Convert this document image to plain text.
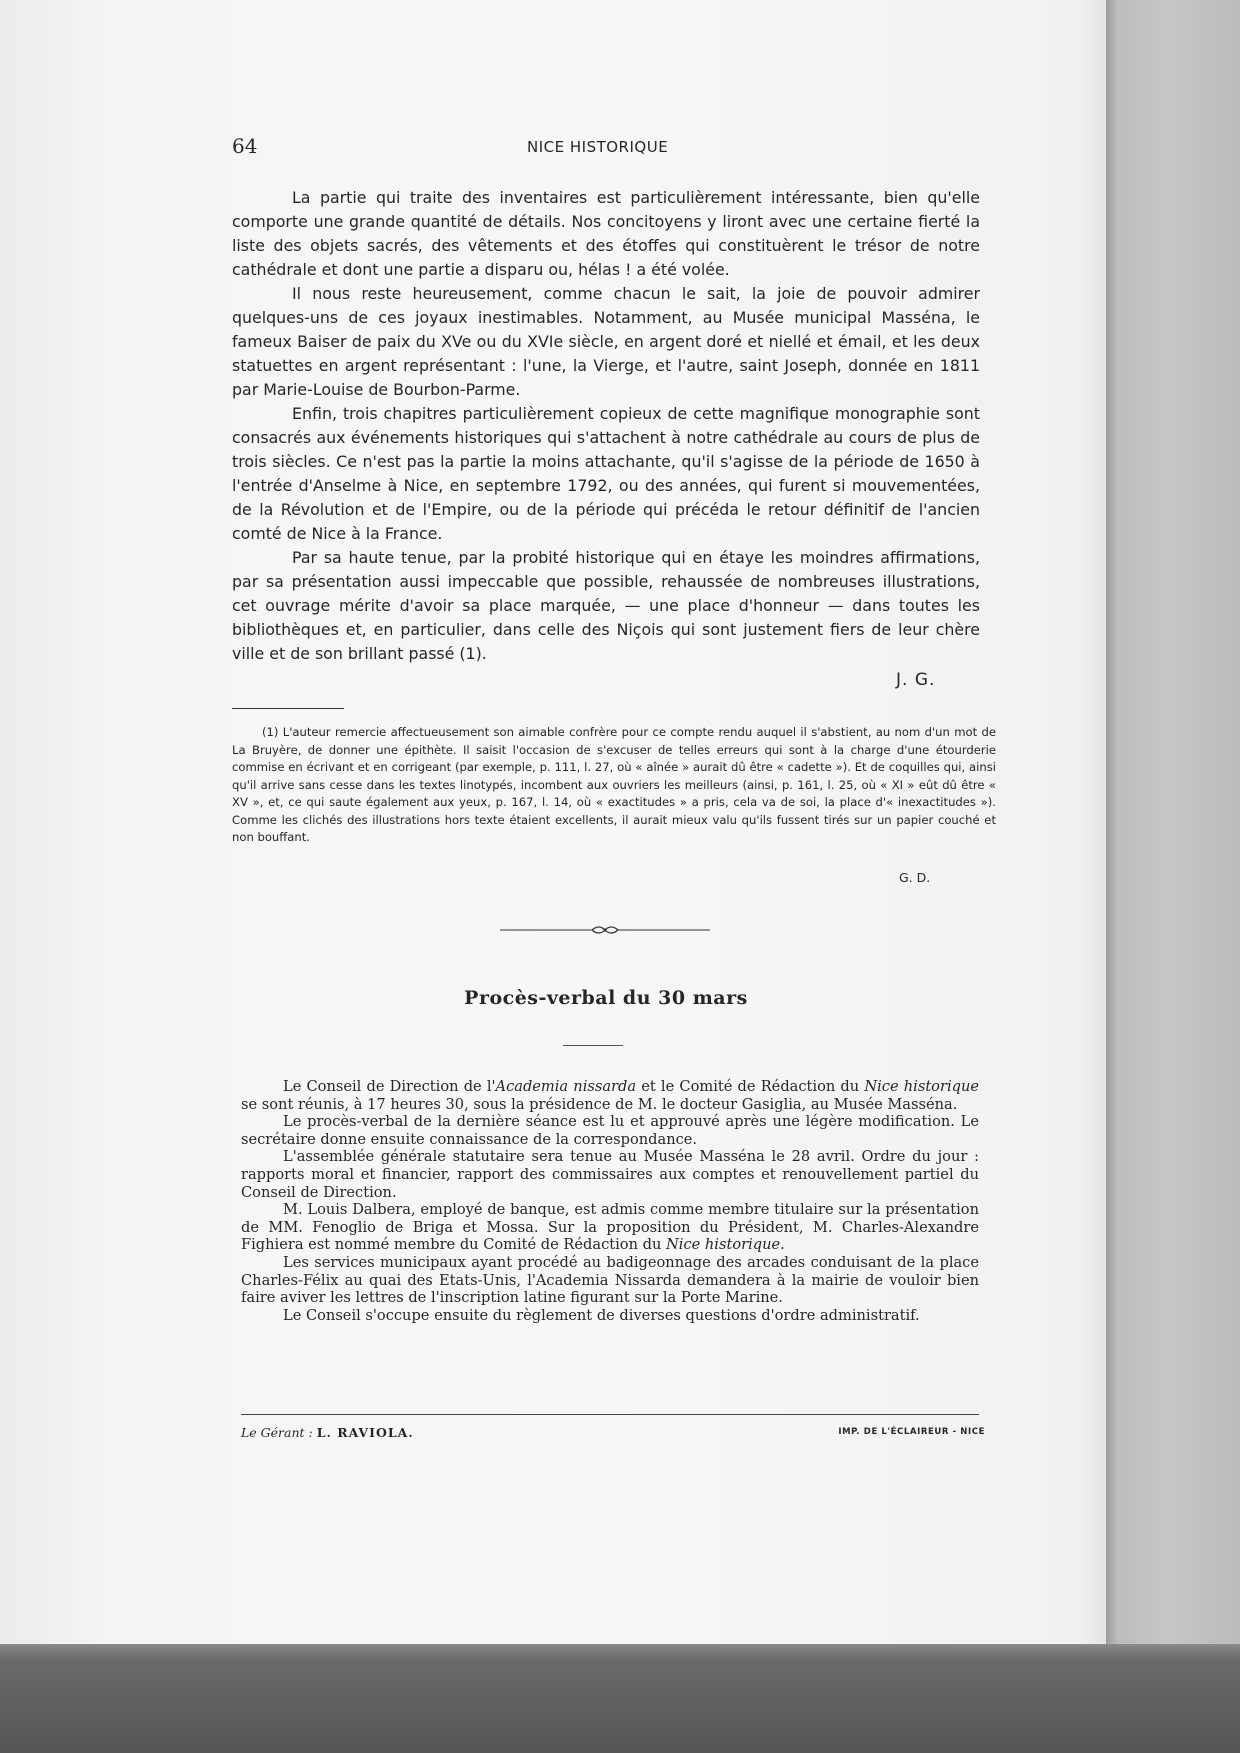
64	NICE HISTORIQUE

La partie qui traite des inventaires est particulièrement intéressante, bien qu'elle comporte une grande quantité de détails. Nos concitoyens y liront avec une certaine fierté la liste des objets sacrés, des vêtements et des étoffes qui constituèrent le trésor de notre cathédrale et dont une partie a disparu ou, hélas ! a été volée.

Il nous reste heureusement, comme chacun le sait, la joie de pouvoir admirer quelques-uns de ces joyaux inestimables. Notamment, au Musée municipal Masséna, le fameux Baiser de paix du XVe ou du XVIe siècle, en argent doré et niellé et émail, et les deux statuettes en argent représentant : l'une, la Vierge, et l'autre, saint Joseph, donnée en 1811 par Marie-Louise de Bourbon-Parme.

Enfin, trois chapitres particulièrement copieux de cette magnifique monographie sont consacrés aux événements historiques qui s'attachent à notre cathédrale au cours de plus de trois siècles. Ce n'est pas la partie la moins attachante, qu'il s'agisse de la période de 1650 à l'entrée d'Anselme à Nice, en septembre 1792, ou des années, qui furent si mouvementées, de la Révolution et de l'Empire, ou de la période qui précéda le retour définitif de l'ancien comté de Nice à la France.

Par sa haute tenue, par la probité historique qui en étaye les moindres affirmations, par sa présentation aussi impeccable que possible, rehaussée de nombreuses illustrations, cet ouvrage mérite d'avoir sa place marquée, — une place d'honneur — dans toutes les bibliothèques et, en particulier, dans celle des Niçois qui sont justement fiers de leur chère ville et de son brillant passé (1).

J. G.

(1) L'auteur remercie affectueusement son aimable confrère pour ce compte rendu auquel il s'abstient, au nom d'un mot de La Bruyère, de donner une épithète. Il saisit l'occasion de s'excuser de telles erreurs qui sont à la charge d'une étourderie commise en écrivant et en corrigeant (par exemple, p. 111, l. 27, où « aînée » aurait dû être « cadette »). Et de coquilles qui, ainsi qu'il arrive sans cesse dans les textes linotypés, incombent aux ouvriers les meilleurs (ainsi, p. 161, l. 25, où « XI » eût dû être « XV », et, ce qui saute également aux yeux, p. 167, l. 14, où « exactitudes » a pris, cela va de soi, la place d'« inexactitudes »). Comme les clichés des illustrations hors texte étaient excellents, il aurait mieux valu qu'ils fussent tirés sur un papier couché et non bouffant.

G. D.
Procès-verbal du 30 mars

Le Conseil de Direction de l'Academia nissarda et le Comité de Rédaction du Nice historique se sont réunis, à 17 heures 30, sous la présidence de M. le docteur Gasiglia, au Musée Masséna.

Le procès-verbal de la dernière séance est lu et approuvé après une légère modification. Le secrétaire donne ensuite connaissance de la correspondance.

L'assemblée générale statutaire sera tenue au Musée Masséna le 28 avril. Ordre du jour : rapports moral et financier, rapport des commissaires aux comptes et renouvellement partiel du Conseil de Direction.

M. Louis Dalbera, employé de banque, est admis comme membre titulaire sur la présentation de MM. Fenoglio de Briga et Mossa. Sur la proposition du Président, M. Charles-Alexandre Fighiera est nommé membre du Comité de Rédaction du Nice historique.

Les services municipaux ayant procédé au badigeonnage des arcades conduisant de la place Charles-Félix au quai des Etats-Unis, l'Academia Nissarda demandera à la mairie de vouloir bien faire aviver les lettres de l'inscription latine figurant sur la Porte Marine.

Le Conseil s'occupe ensuite du règlement de diverses questions d'ordre administratif.

Le Gérant : L. RAVIOLA.	IMP. DE L'ÉCLAIREUR - NICE
